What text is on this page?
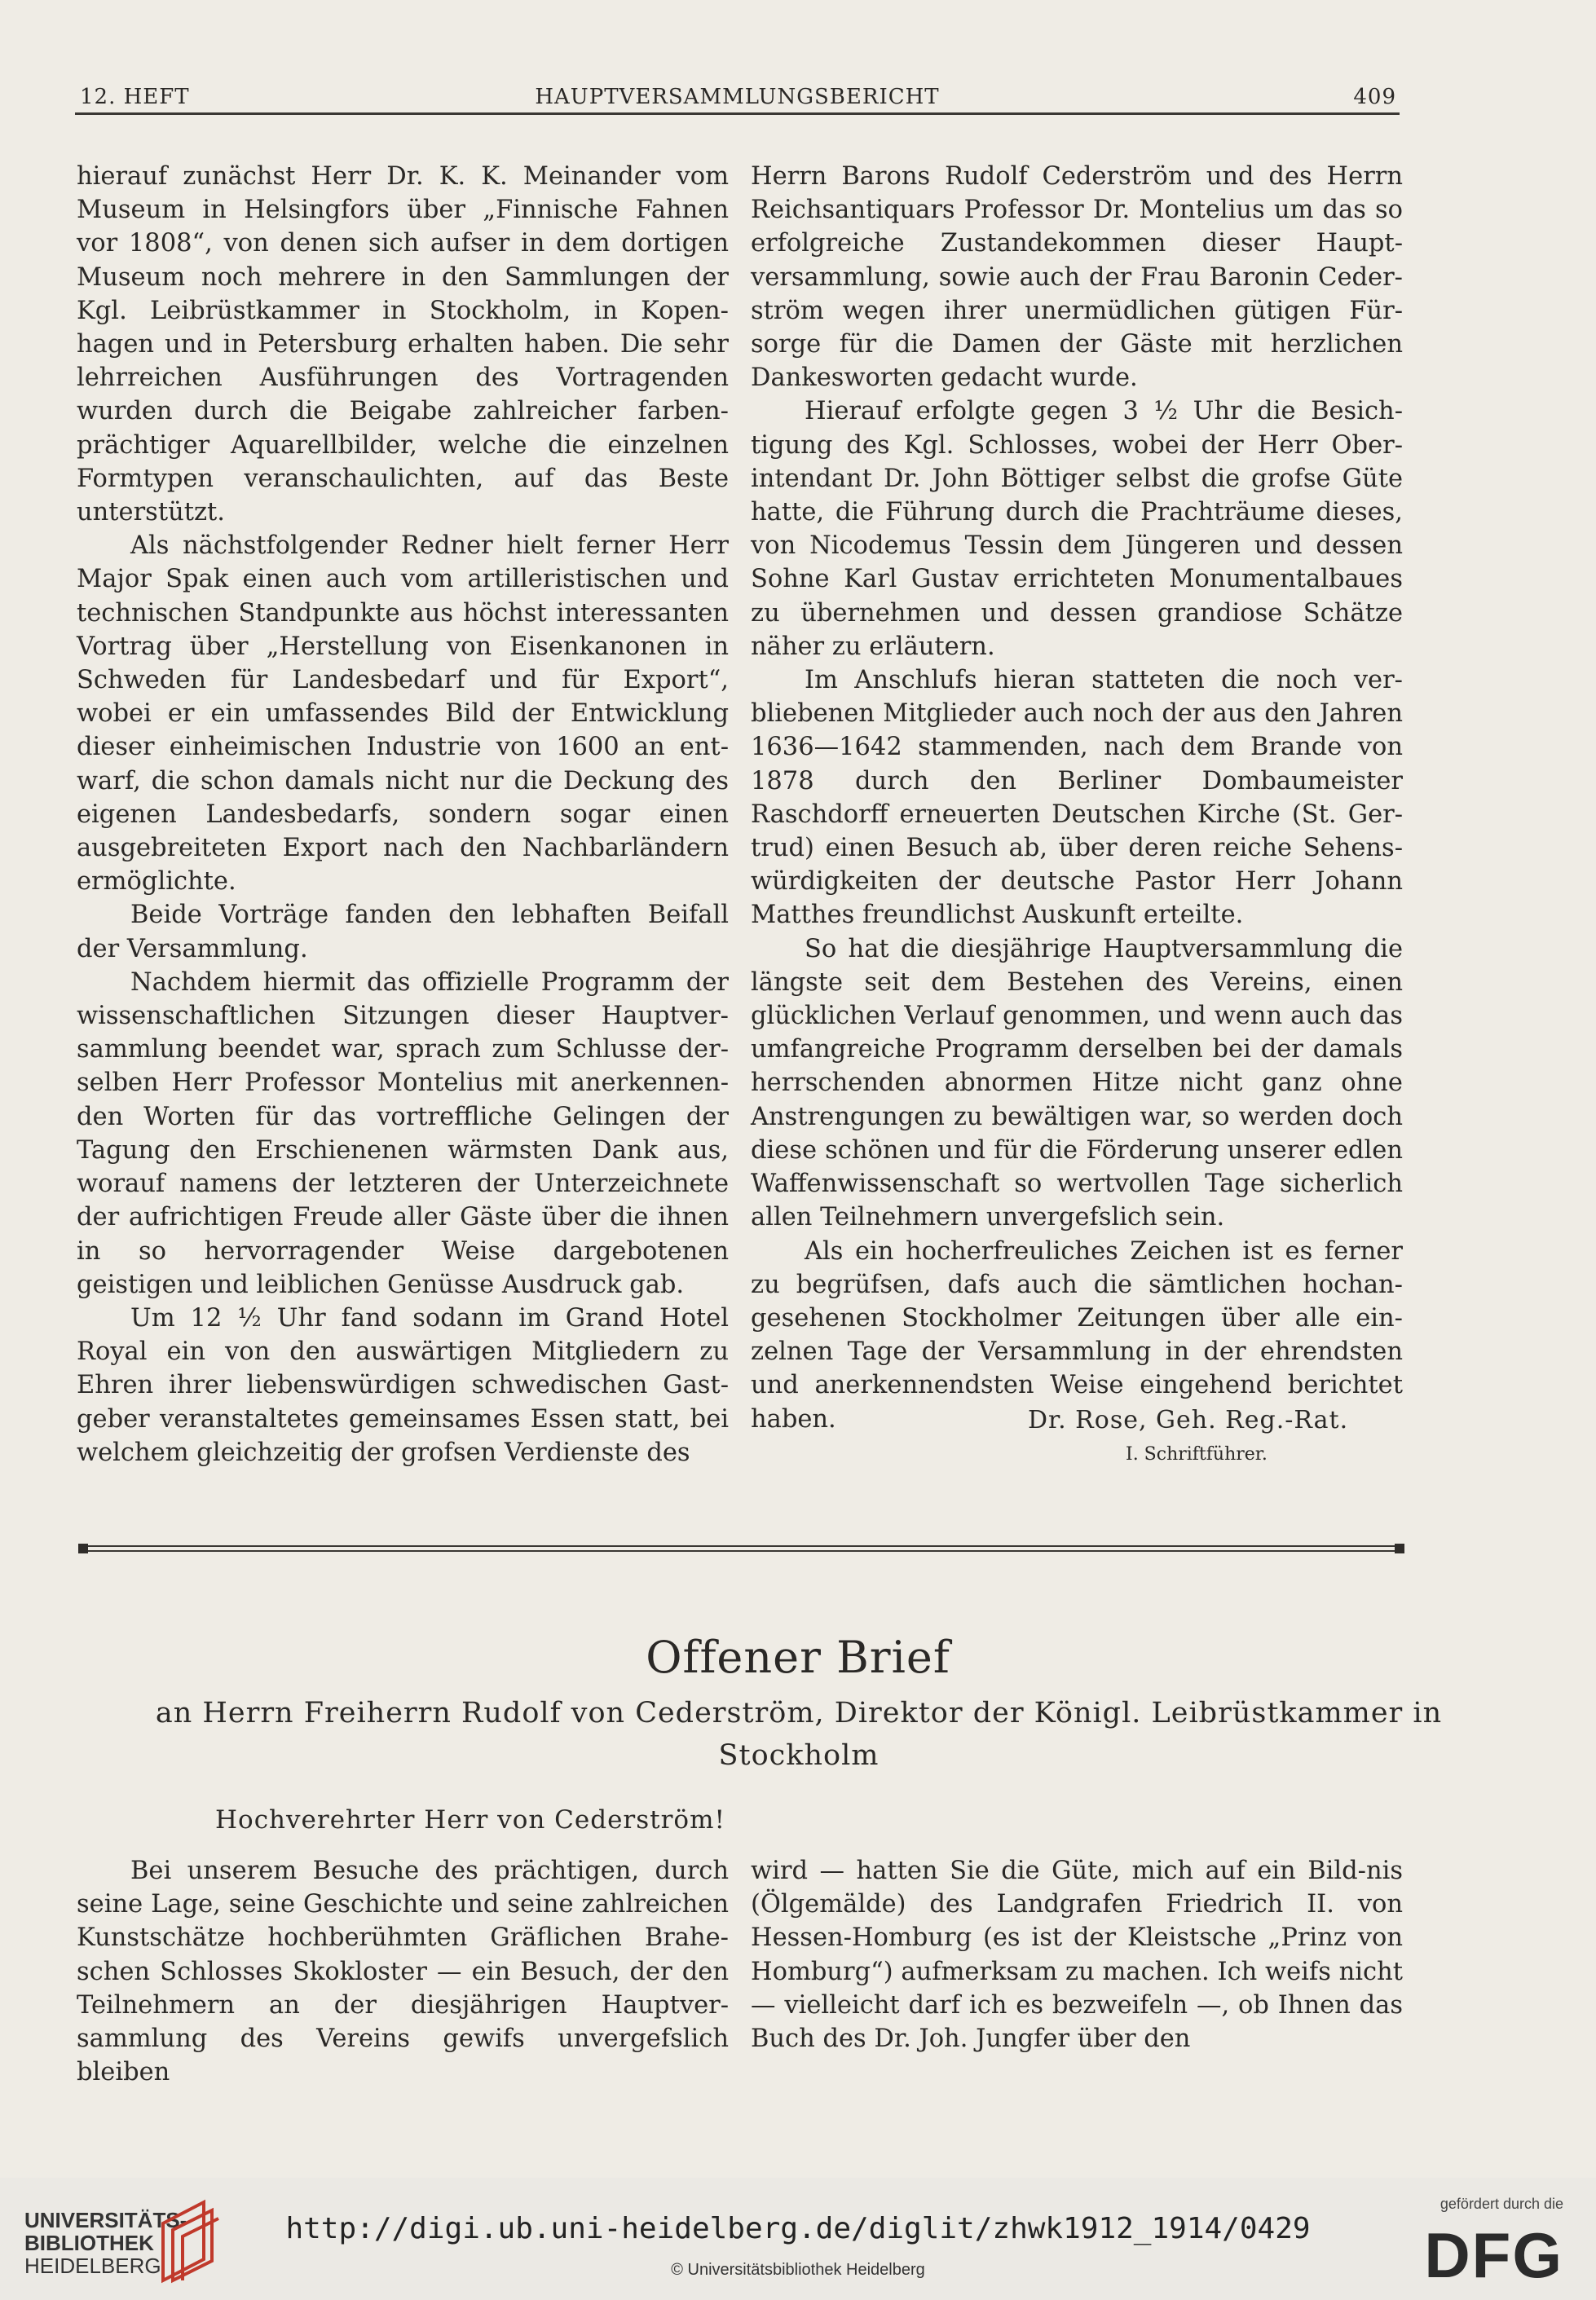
12. HEFT	HAUPTVERSAMMLUNGSBERICHT	409

hierauf zunächst Herr Dr. K. K. Meinander vom Museum in Helsingfors über „Finnische Fahnen vor 1808“, von denen sich aufser in dem dortigen Museum noch mehrere in den Sammlungen der Kgl. Leibrüstkammer in Stockholm, in Kopen-hagen und in Petersburg erhalten haben. Die sehr lehrreichen Ausführungen des Vortragenden wurden durch die Beigabe zahlreicher farben-prächtiger Aquarellbilder, welche die einzelnen Formtypen veranschaulichten, auf das Beste unterstützt.

Als nächstfolgender Redner hielt ferner Herr Major Spak einen auch vom artilleristischen und technischen Standpunkte aus höchst interessanten Vortrag über „Herstellung von Eisenkanonen in Schweden für Landesbedarf und für Export“, wobei er ein umfassendes Bild der Entwicklung dieser einheimischen Industrie von 1600 an ent-warf, die schon damals nicht nur die Deckung des eigenen Landesbedarfs, sondern sogar einen ausgebreiteten Export nach den Nachbarländern ermöglichte.

Beide Vorträge fanden den lebhaften Beifall der Versammlung.

Nachdem hiermit das offizielle Programm der wissenschaftlichen Sitzungen dieser Hauptver-sammlung beendet war, sprach zum Schlusse der-selben Herr Professor Montelius mit anerkennen-den Worten für das vortreffliche Gelingen der Tagung den Erschienenen wärmsten Dank aus, worauf namens der letzteren der Unterzeichnete der aufrichtigen Freude aller Gäste über die ihnen in so hervorragender Weise dargebotenen geistigen und leiblichen Genüsse Ausdruck gab.

Um 12 ½ Uhr fand sodann im Grand Hotel Royal ein von den auswärtigen Mitgliedern zu Ehren ihrer liebenswürdigen schwedischen Gast-geber veranstaltetes gemeinsames Essen statt, bei welchem gleichzeitig der grofsen Verdienste des

Herrn Barons Rudolf Cederström und des Herrn Reichsantiquars Professor Dr. Montelius um das so erfolgreiche Zustandekommen dieser Haupt-versammlung, sowie auch der Frau Baronin Ceder-ström wegen ihrer unermüdlichen gütigen Für-sorge für die Damen der Gäste mit herzlichen Dankesworten gedacht wurde.

Hierauf erfolgte gegen 3 ½ Uhr die Besich-tigung des Kgl. Schlosses, wobei der Herr Ober-intendant Dr. John Böttiger selbst die grofse Güte hatte, die Führung durch die Prachträume dieses, von Nicodemus Tessin dem Jüngeren und dessen Sohne Karl Gustav errichteten Monumentalbaues zu übernehmen und dessen grandiose Schätze näher zu erläutern.

Im Anschlufs hieran statteten die noch ver-bliebenen Mitglieder auch noch der aus den Jahren 1636—1642 stammenden, nach dem Brande von 1878 durch den Berliner Dombaumeister Raschdorff erneuerten Deutschen Kirche (St. Ger-trud) einen Besuch ab, über deren reiche Sehens-würdigkeiten der deutsche Pastor Herr Johann Matthes freundlichst Auskunft erteilte.

So hat die diesjährige Hauptversammlung die längste seit dem Bestehen des Vereins, einen glücklichen Verlauf genommen, und wenn auch das umfangreiche Programm derselben bei der damals herrschenden abnormen Hitze nicht ganz ohne Anstrengungen zu bewältigen war, so werden doch diese schönen und für die Förderung unserer edlen Waffenwissenschaft so wertvollen Tage sicherlich allen Teilnehmern unvergefslich sein.

Als ein hocherfreuliches Zeichen ist es ferner zu begrüfsen, dafs auch die sämtlichen hochan-gesehenen Stockholmer Zeitungen über alle ein-zelnen Tage der Versammlung in der ehrendsten und anerkennendsten Weise eingehend berichtet haben.	Dr. Rose, Geh. Reg.-Rat.
I. Schriftführer.
Offener Brief
an Herrn Freiherrn Rudolf von Cederström, Direktor der Königl. Leibrüstkammer in Stockholm
Hochverehrter Herr von Cederström!

Bei unserem Besuche des prächtigen, durch seine Lage, seine Geschichte und seine zahlreichen Kunstschätze hochberühmten Gräflichen Brahe-schen Schlosses Skokloster — ein Besuch, der den Teilnehmern an der diesjährigen Hauptver-sammlung des Vereins gewifs unvergefslich bleiben

wird — hatten Sie die Güte, mich auf ein Bild-nis (Ölgemälde) des Landgrafen Friedrich II. von Hessen-Homburg (es ist der Kleistsche „Prinz von Homburg“) aufmerksam zu machen. Ich weifs nicht — vielleicht darf ich es bezweifeln —, ob Ihnen das Buch des Dr. Joh. Jungfer über den

UNIVERSITÄTS-
BIBLIOTHEK
HEIDELBERG
http://digi.ub.uni-heidelberg.de/diglit/zhwk1912_1914/0429
© Universitätsbibliothek Heidelberg
gefördert durch die
DFG
